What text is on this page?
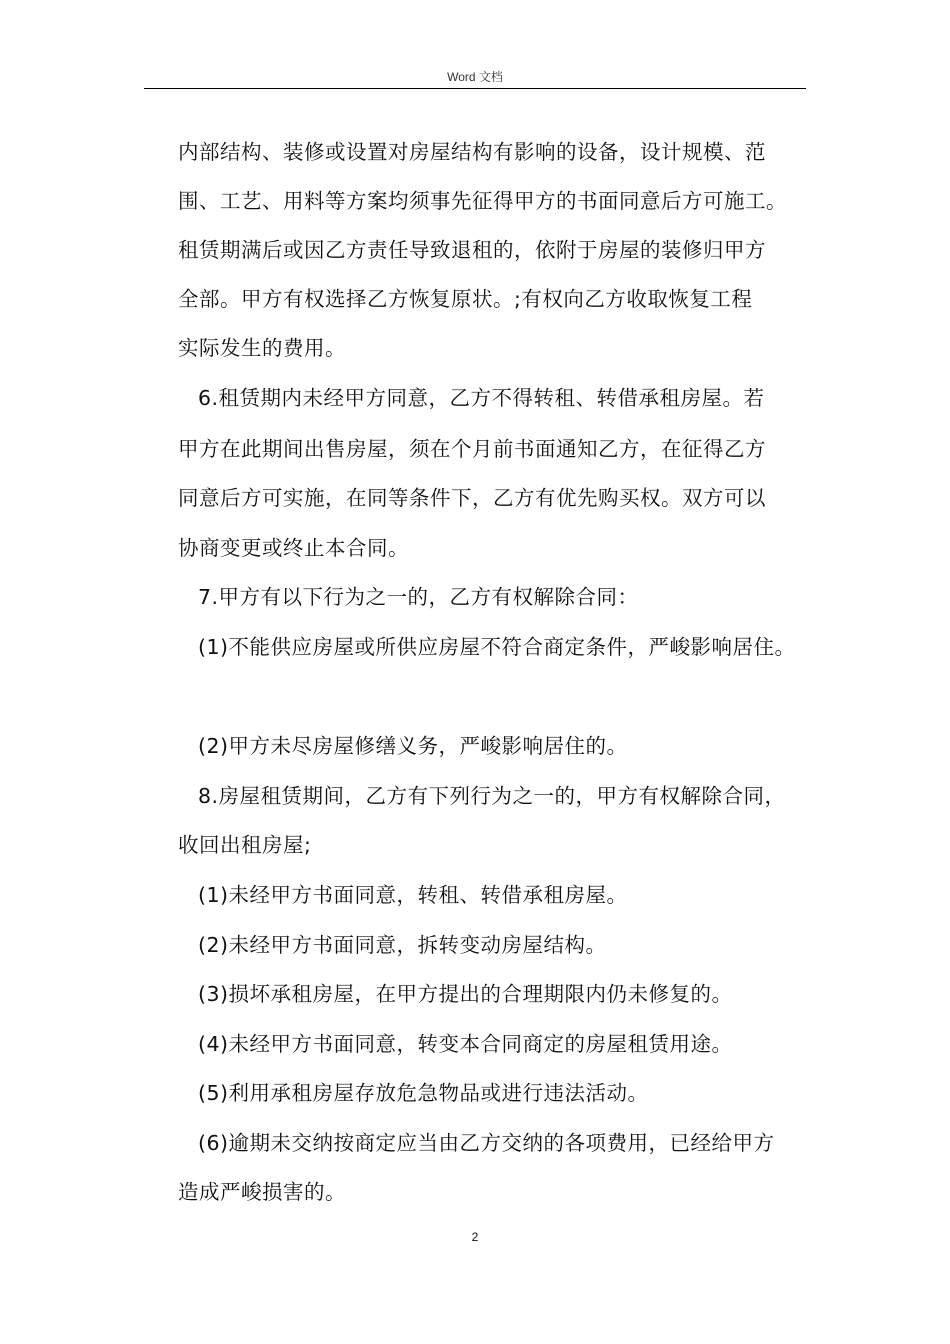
Word 文档
内部结构、装修或设置对房屋结构有影响的设备，设计规模、范
围、工艺、用料等方案均须事先征得甲方的书面同意后方可施工。
租赁期满后或因乙方责任导致退租的，依附于房屋的装修归甲方
全部。甲方有权选择乙方恢复原状。;有权向乙方收取恢复工程
实际发生的费用。
6.租赁期内未经甲方同意，乙方不得转租、转借承租房屋。若
甲方在此期间出售房屋，须在个月前书面通知乙方，在征得乙方
同意后方可实施，在同等条件下，乙方有优先购买权。双方可以
协商变更或终止本合同。
7.甲方有以下行为之一的，乙方有权解除合同：
(1)不能供应房屋或所供应房屋不符合商定条件，严峻影响居住。
(2)甲方未尽房屋修缮义务，严峻影响居住的。
8.房屋租赁期间，乙方有下列行为之一的，甲方有权解除合同，
收回出租房屋;
(1)未经甲方书面同意，转租、转借承租房屋。
(2)未经甲方书面同意，拆转变动房屋结构。
(3)损坏承租房屋，在甲方提出的合理期限内仍未修复的。
(4)未经甲方书面同意，转变本合同商定的房屋租赁用途。
(5)利用承租房屋存放危急物品或进行违法活动。
(6)逾期未交纳按商定应当由乙方交纳的各项费用，已经给甲方
造成严峻损害的。
2
